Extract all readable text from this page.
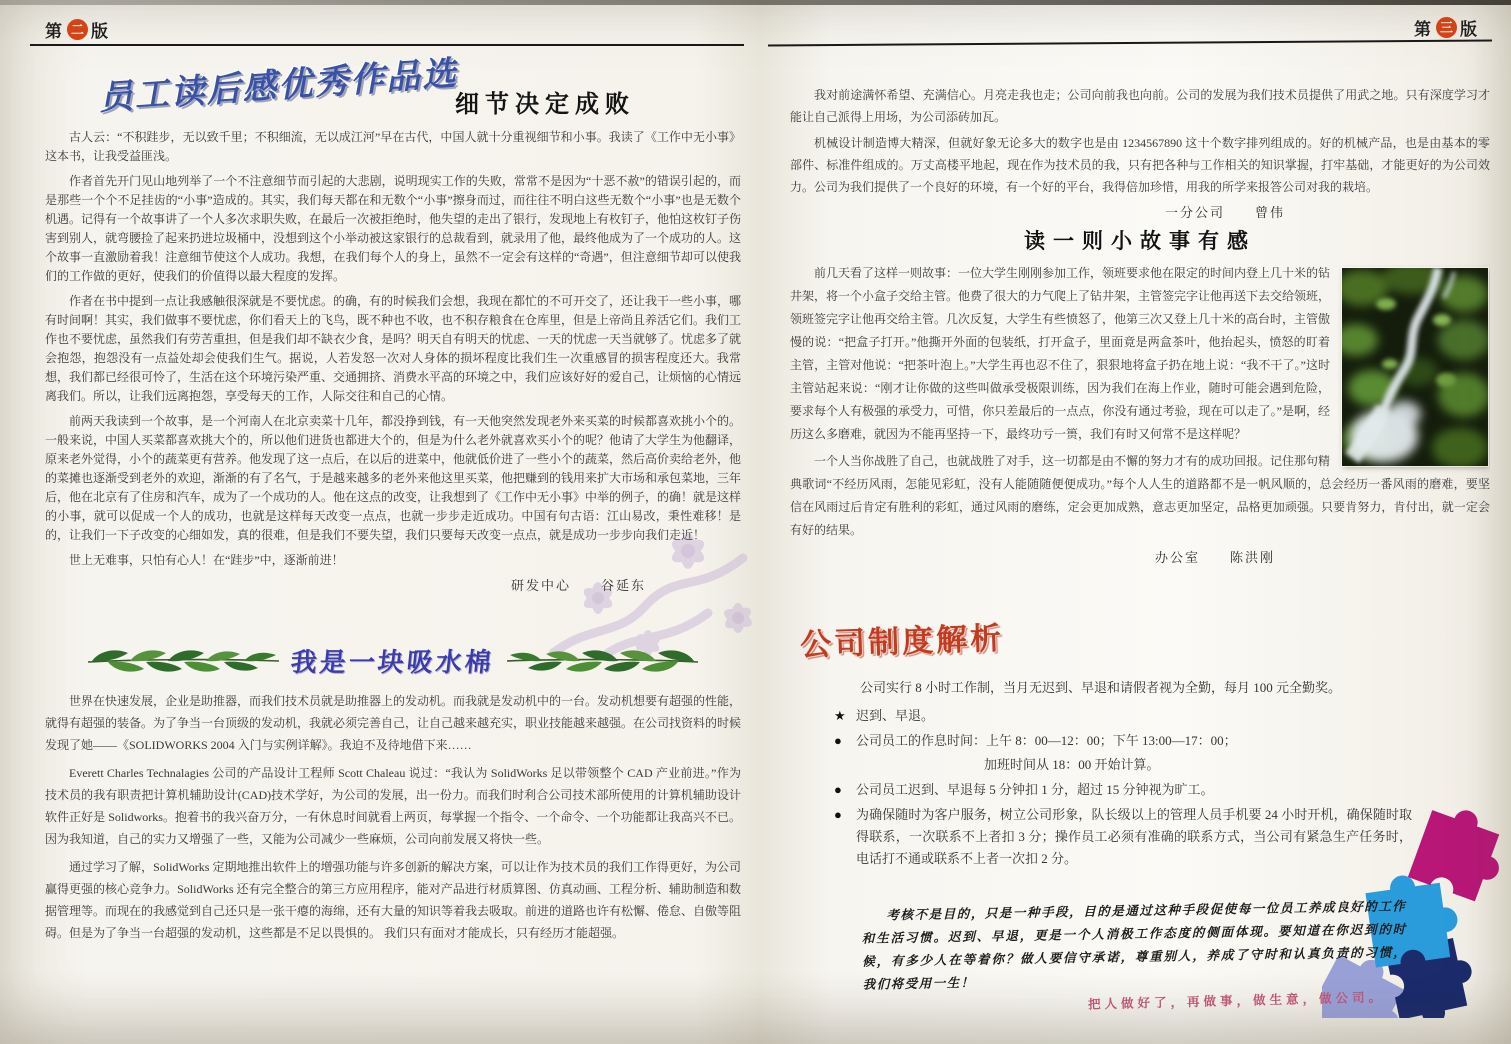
第 二 版
员工读后感优秀作品选
细节决定成败

古人云：“不积跬步，无以致千里；不积细流，无以成江河”早在古代，中国人就十分重视细节和小事。我读了《工作中无小事》这本书，让我受益匪浅。

作者首先开门见山地列举了一个不注意细节而引起的大悲剧，说明现实工作的失败，常常不是因为“十恶不赦”的错误引起的，而是那些一个个不足挂齿的“小事”造成的。其实，我们每天都在和无数个“小事”擦身而过，而往往不明白这些无数个“小事”也是无数个机遇。记得有一个故事讲了一个人多次求职失败，在最后一次被拒绝时，他失望的走出了银行，发现地上有枚钉子，他怕这枚钉子伤害到别人，就弯腰捡了起来扔进垃圾桶中，没想到这个小举动被这家银行的总裁看到，就录用了他，最终他成为了一个成功的人。这个故事一直激励着我！注意细节使这个人成功。我想，在我们每个人的身上，虽然不一定会有这样的“奇遇”，但注意细节却可以使我们的工作做的更好，使我们的价值得以最大程度的发挥。

作者在书中提到一点让我感触很深就是不要忧虑。的确，有的时候我们会想，我现在都忙的不可开交了，还让我干一些小事，哪有时间啊！其实，我们做事不要忧虑，你们看天上的飞鸟，既不种也不收，也不积存粮食在仓库里，但是上帝尚且养活它们。我们工作也不要忧虑，虽然我们有劳苦重担，但是我们却不缺衣少食，是吗？明天自有明天的忧虑、一天的忧虑一天当就够了。忧虑多了就会抱怨，抱怨没有一点益处却会使我们生气。据说，人若发怒一次对人身体的损坏程度比我们生一次重感冒的损害程度还大。我常想，我们都已经很可怜了，生活在这个环境污染严重、交通拥挤、消费水平高的环境之中，我们应该好好的爱自己，让烦恼的心情远离我们。所以，让我们远离抱怨，享受每天的工作，人际交往和自己的心情。

前两天我读到一个故事，是一个河南人在北京卖菜十几年，都没挣到钱，有一天他突然发现老外来买菜的时候都喜欢挑小个的。一般来说，中国人买菜都喜欢挑大个的，所以他们进货也都进大个的，但是为什么老外就喜欢买小个的呢？他请了大学生为他翻译，原来老外觉得，小个的蔬菜更有营养。他发现了这一点后，在以后的进菜中，他就低价进了一些小个的蔬菜，然后高价卖给老外，他的菜摊也逐渐受到老外的欢迎，渐渐的有了名气，于是越来越多的老外来他这里买菜，他把赚到的钱用来扩大市场和承包菜地，三年后，他在北京有了住房和汽车，成为了一个成功的人。他在这点的改变，让我想到了《工作中无小事》中举的例子，的确！就是这样的小事，就可以促成一个人的成功，也就是这样每天改变一点点，也就一步步走近成功。中国有句古语：江山易改，秉性难移！是的，让我们一下子改变的心细如发，真的很难，但是我们不要失望，我们只要每天改变一点点，就是成功一步步向我们走近！

世上无难事，只怕有心人！在“跬步”中，逐渐前进！

研发中心　　谷延东
我是一块吸水棉

世界在快速发展，企业是助推器，而我们技术员就是助推器上的发动机。而我就是发动机中的一台。发动机想要有超强的性能，就得有超强的装备。为了争当一台顶级的发动机，我就必须完善自己，让自己越来越充实，职业技能越来越强。在公司找资料的时候发现了她——《SOLIDWORKS 2004 入门与实例详解》。我迫不及待地借下来……

Everett Charles Technalagies 公司的产品设计工程师 Scott Chaleau 说过：“我认为 SolidWorks 足以带领整个 CAD 产业前进。”作为技术员的我有职责把计算机辅助设计(CAD)技术学好，为公司的发展，出一份力。而我们时利合公司技术部所使用的计算机辅助设计软件正好是 Solidworks。抱着书的我兴奋万分，一有休息时间就看上两页，每掌握一个指令、一个命令、一个功能都让我高兴不已。因为我知道，自己的实力又增强了一些，又能为公司减少一些麻烦，公司向前发展又将快一些。

通过学习了解，SolidWorks 定期地推出软件上的增强功能与许多创新的解决方案，可以让作为技术员的我们工作得更好，为公司赢得更强的核心竞争力。SolidWorks 还有完全整合的第三方应用程序，能对产品进行材质算图、仿真动画、工程分析、辅助制造和数据管理等。而现在的我感觉到自己还只是一张干瘪的海绵，还有大量的知识等着我去吸取。前进的道路也许有松懈、倦怠、自傲等阻碍。但是为了争当一台超强的发动机，这些都是不足以畏惧的。 我们只有面对才能成长，只有经历才能超强。

第 三 版

我对前途满怀希望、充满信心。月亮走我也走；公司向前我也向前。公司的发展为我们技术员提供了用武之地。只有深度学习才能让自己派得上用场，为公司添砖加瓦。

机械设计制造博大精深，但就好象无论多大的数字也是由 1234567890 这十个数字排列组成的。好的机械产品，也是由基本的零部件、标准件组成的。万丈高楼平地起，现在作为技术员的我，只有把各种与工作相关的知识掌握，打牢基础，才能更好的为公司效力。公司为我们提供了一个良好的环境，有一个好的平台，我得倍加珍惜，用我的所学来报答公司对我的栽培。

一分公司　　曾伟
读一则小故事有感

前几天看了这样一则故事：一位大学生刚刚参加工作，领班要求他在限定的时间内登上几十米的钻井架，将一个小盒子交给主管。他费了很大的力气爬上了钻井架，主管签完字让他再送下去交给领班，领班签完字让他再交给主管。几次反复，大学生有些愤怒了，他第三次又登上几十米的高台时，主管傲慢的说：“把盒子打开。”他撕开外面的包装纸，打开盒子，里面竟是两盒茶叶，他抬起头，愤怒的盯着主管，主管对他说：“把茶叶泡上。”大学生再也忍不住了，狠狠地将盒子扔在地上说：“我不干了。”这时主管站起来说：“刚才让你做的这些叫做承受极限训练，因为我们在海上作业，随时可能会遇到危险，要求每个人有极强的承受力，可惜，你只差最后的一点点，你没有通过考验，现在可以走了。”是啊，经历这么多磨难，就因为不能再坚持一下，最终功亏一篑，我们有时又何常不是这样呢？

一个人当你战胜了自己，也就战胜了对手，这一切都是由不懈的努力才有的成功回报。记住那句精典歌词“不经历风雨，怎能见彩虹，没有人能随随便便成功。”每个人人生的道路都不是一帆风顺的，总会经历一番风雨的磨难，要坚信在风雨过后肯定有胜利的彩虹，通过风雨的磨练，定会更加成熟，意志更加坚定，品格更加顽强。只要肯努力，肯付出，就一定会有好的结果。

办公室　　陈洪刚
公司制度解析
公司实行 8 小时工作制，当月无迟到、早退和请假者视为全勤，每月 100 元全勤奖。
★ 迟到、早退。
●	公司员工的作息时间：上午 8：00—12：00；下午 13:00—17：00；
加班时间从 18：00 开始计算。
●	公司员工迟到、早退每 5 分钟扣 1 分，超过 15 分钟视为旷工。
●	为确保随时为客户服务，树立公司形象，队长级以上的管理人员手机要 24 小时开机，确保随时取得联系，一次联系不上者扣 3 分；操作员工必须有准确的联系方式，当公司有紧急生产任务时，电话打不通或联系不上者一次扣 2 分。
考核不是目的，只是一种手段，目的是通过这种手段促使每一位员工养成良好的工作和生活习惯。迟到、早退，更是一个人消极工作态度的侧面体现。要知道在你迟到的时候，有多少人在等着你？做人要信守承诺，尊重别人，养成了守时和认真负责的习惯，我们将受用一生！
把人做好了，再做事，做生意，做公司。
